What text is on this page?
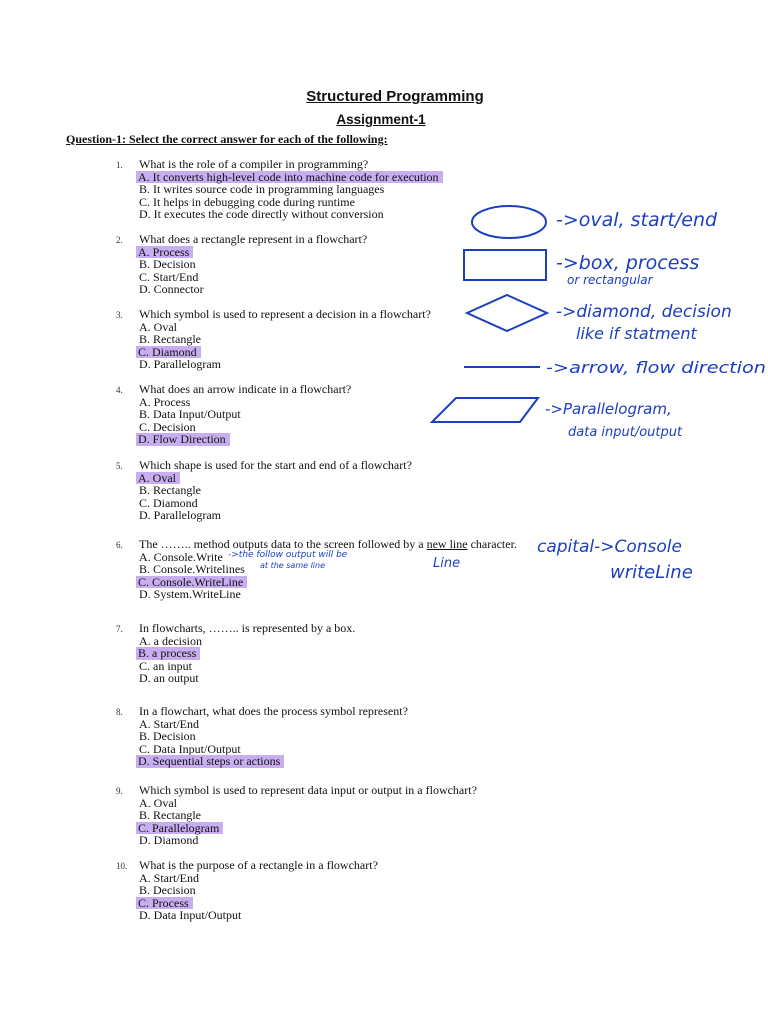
Structured Programming
Assignment-1
Question-1: Select the correct answer for each of the following:
1. What is the role of a compiler in programming?
A. It converts high-level code into machine code for execution
B. It writes source code in programming languages
C. It helps in debugging code during runtime
D. It executes the code directly without conversion
2. What does a rectangle represent in a flowchart?
A. Process
B. Decision
C. Start/End
D. Connector
3. Which symbol is used to represent a decision in a flowchart?
A. Oval
B. Rectangle
C. Diamond
D. Parallelogram
4. What does an arrow indicate in a flowchart?
A. Process
B. Data Input/Output
C. Decision
D. Flow Direction
5. Which shape is used for the start and end of a flowchart?
A. Oval
B. Rectangle
C. Diamond
D. Parallelogram
6. The …….. method outputs data to the screen followed by a new line character.
A. Console.Write
B. Console.Writelines
C. Console.WriteLine
D. System.WriteLine
7. In flowcharts, …….. is represented by a box.
A. a decision
B. a process
C. an input
D. an output
8. In a flowchart, what does the process symbol represent?
A. Start/End
B. Decision
C. Data Input/Output
D. Sequential steps or actions
9. Which symbol is used to represent data input or output in a flowchart?
A. Oval
B. Rectangle
C. Parallelogram
D. Diamond
10. What is the purpose of a rectangle in a flowchart?
A. Start/End
B. Decision
C. Process
D. Data Input/Output
->oval, start/end
->box, process
or rectangular
->diamond, decision
like if statment
->arrow, flow direction
->Parallelogram,
data input/output
->the follow output will be
at the same line	Line
capital->Console
writeLine
